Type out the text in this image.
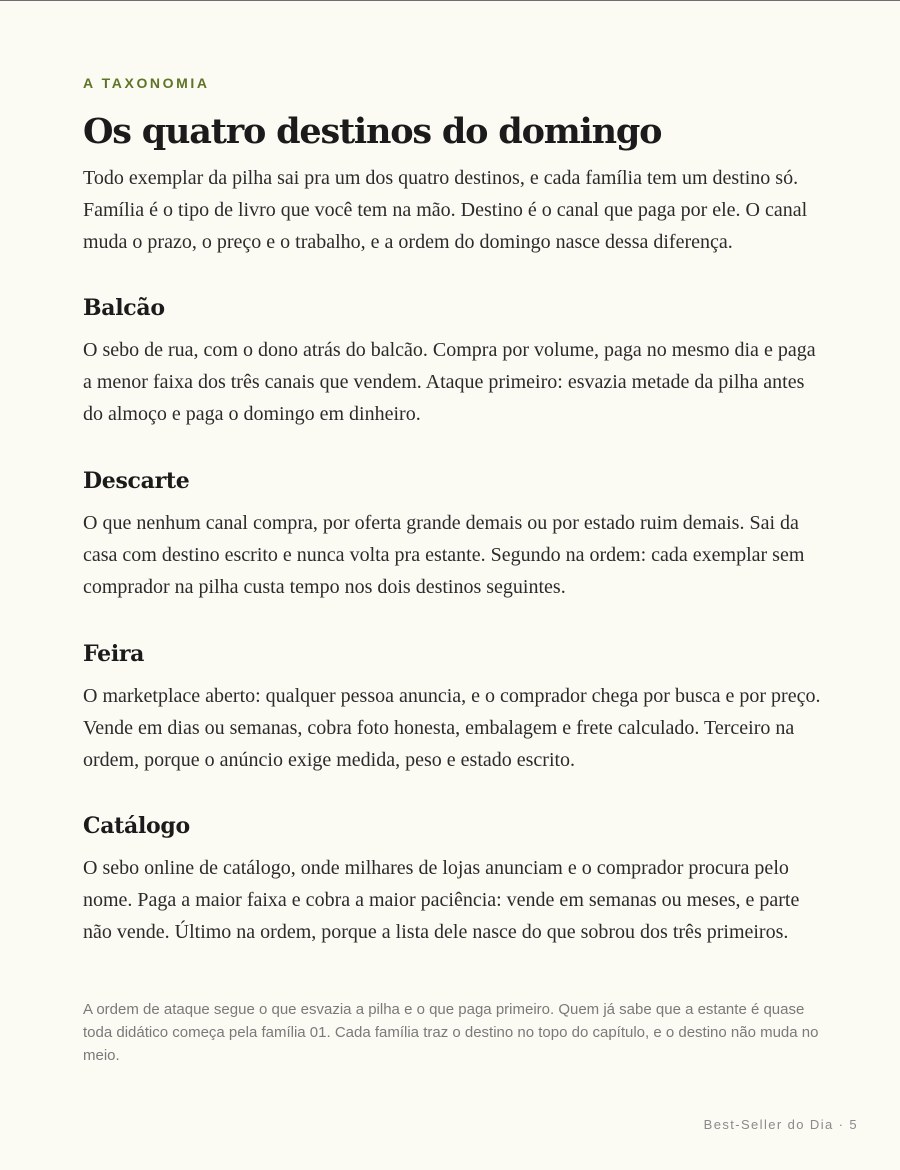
A TAXONOMIA
Os quatro destinos do domingo

Todo exemplar da pilha sai pra um dos quatro destinos, e cada família tem um destino só. Família é o tipo de livro que você tem na mão. Destino é o canal que paga por ele. O canal muda o prazo, o preço e o trabalho, e a ordem do domingo nasce dessa diferença.

Balcão

O sebo de rua, com o dono atrás do balcão. Compra por volume, paga no mesmo dia e paga a menor faixa dos três canais que vendem. Ataque primeiro: esvazia metade da pilha antes do almoço e paga o domingo em dinheiro.

Descarte

O que nenhum canal compra, por oferta grande demais ou por estado ruim demais. Sai da casa com destino escrito e nunca volta pra estante. Segundo na ordem: cada exemplar sem comprador na pilha custa tempo nos dois destinos seguintes.

Feira

O marketplace aberto: qualquer pessoa anuncia, e o comprador chega por busca e por preço. Vende em dias ou semanas, cobra foto honesta, embalagem e frete calculado. Terceiro na ordem, porque o anúncio exige medida, peso e estado escrito.

Catálogo

O sebo online de catálogo, onde milhares de lojas anunciam e o comprador procura pelo nome. Paga a maior faixa e cobra a maior paciência: vende em semanas ou meses, e parte não vende. Último na ordem, porque a lista dele nasce do que sobrou dos três primeiros.

A ordem de ataque segue o que esvazia a pilha e o que paga primeiro. Quem já sabe que a estante é quase toda didático começa pela família 01. Cada família traz o destino no topo do capítulo, e o destino não muda no meio.

Best-Seller do Dia · 5
